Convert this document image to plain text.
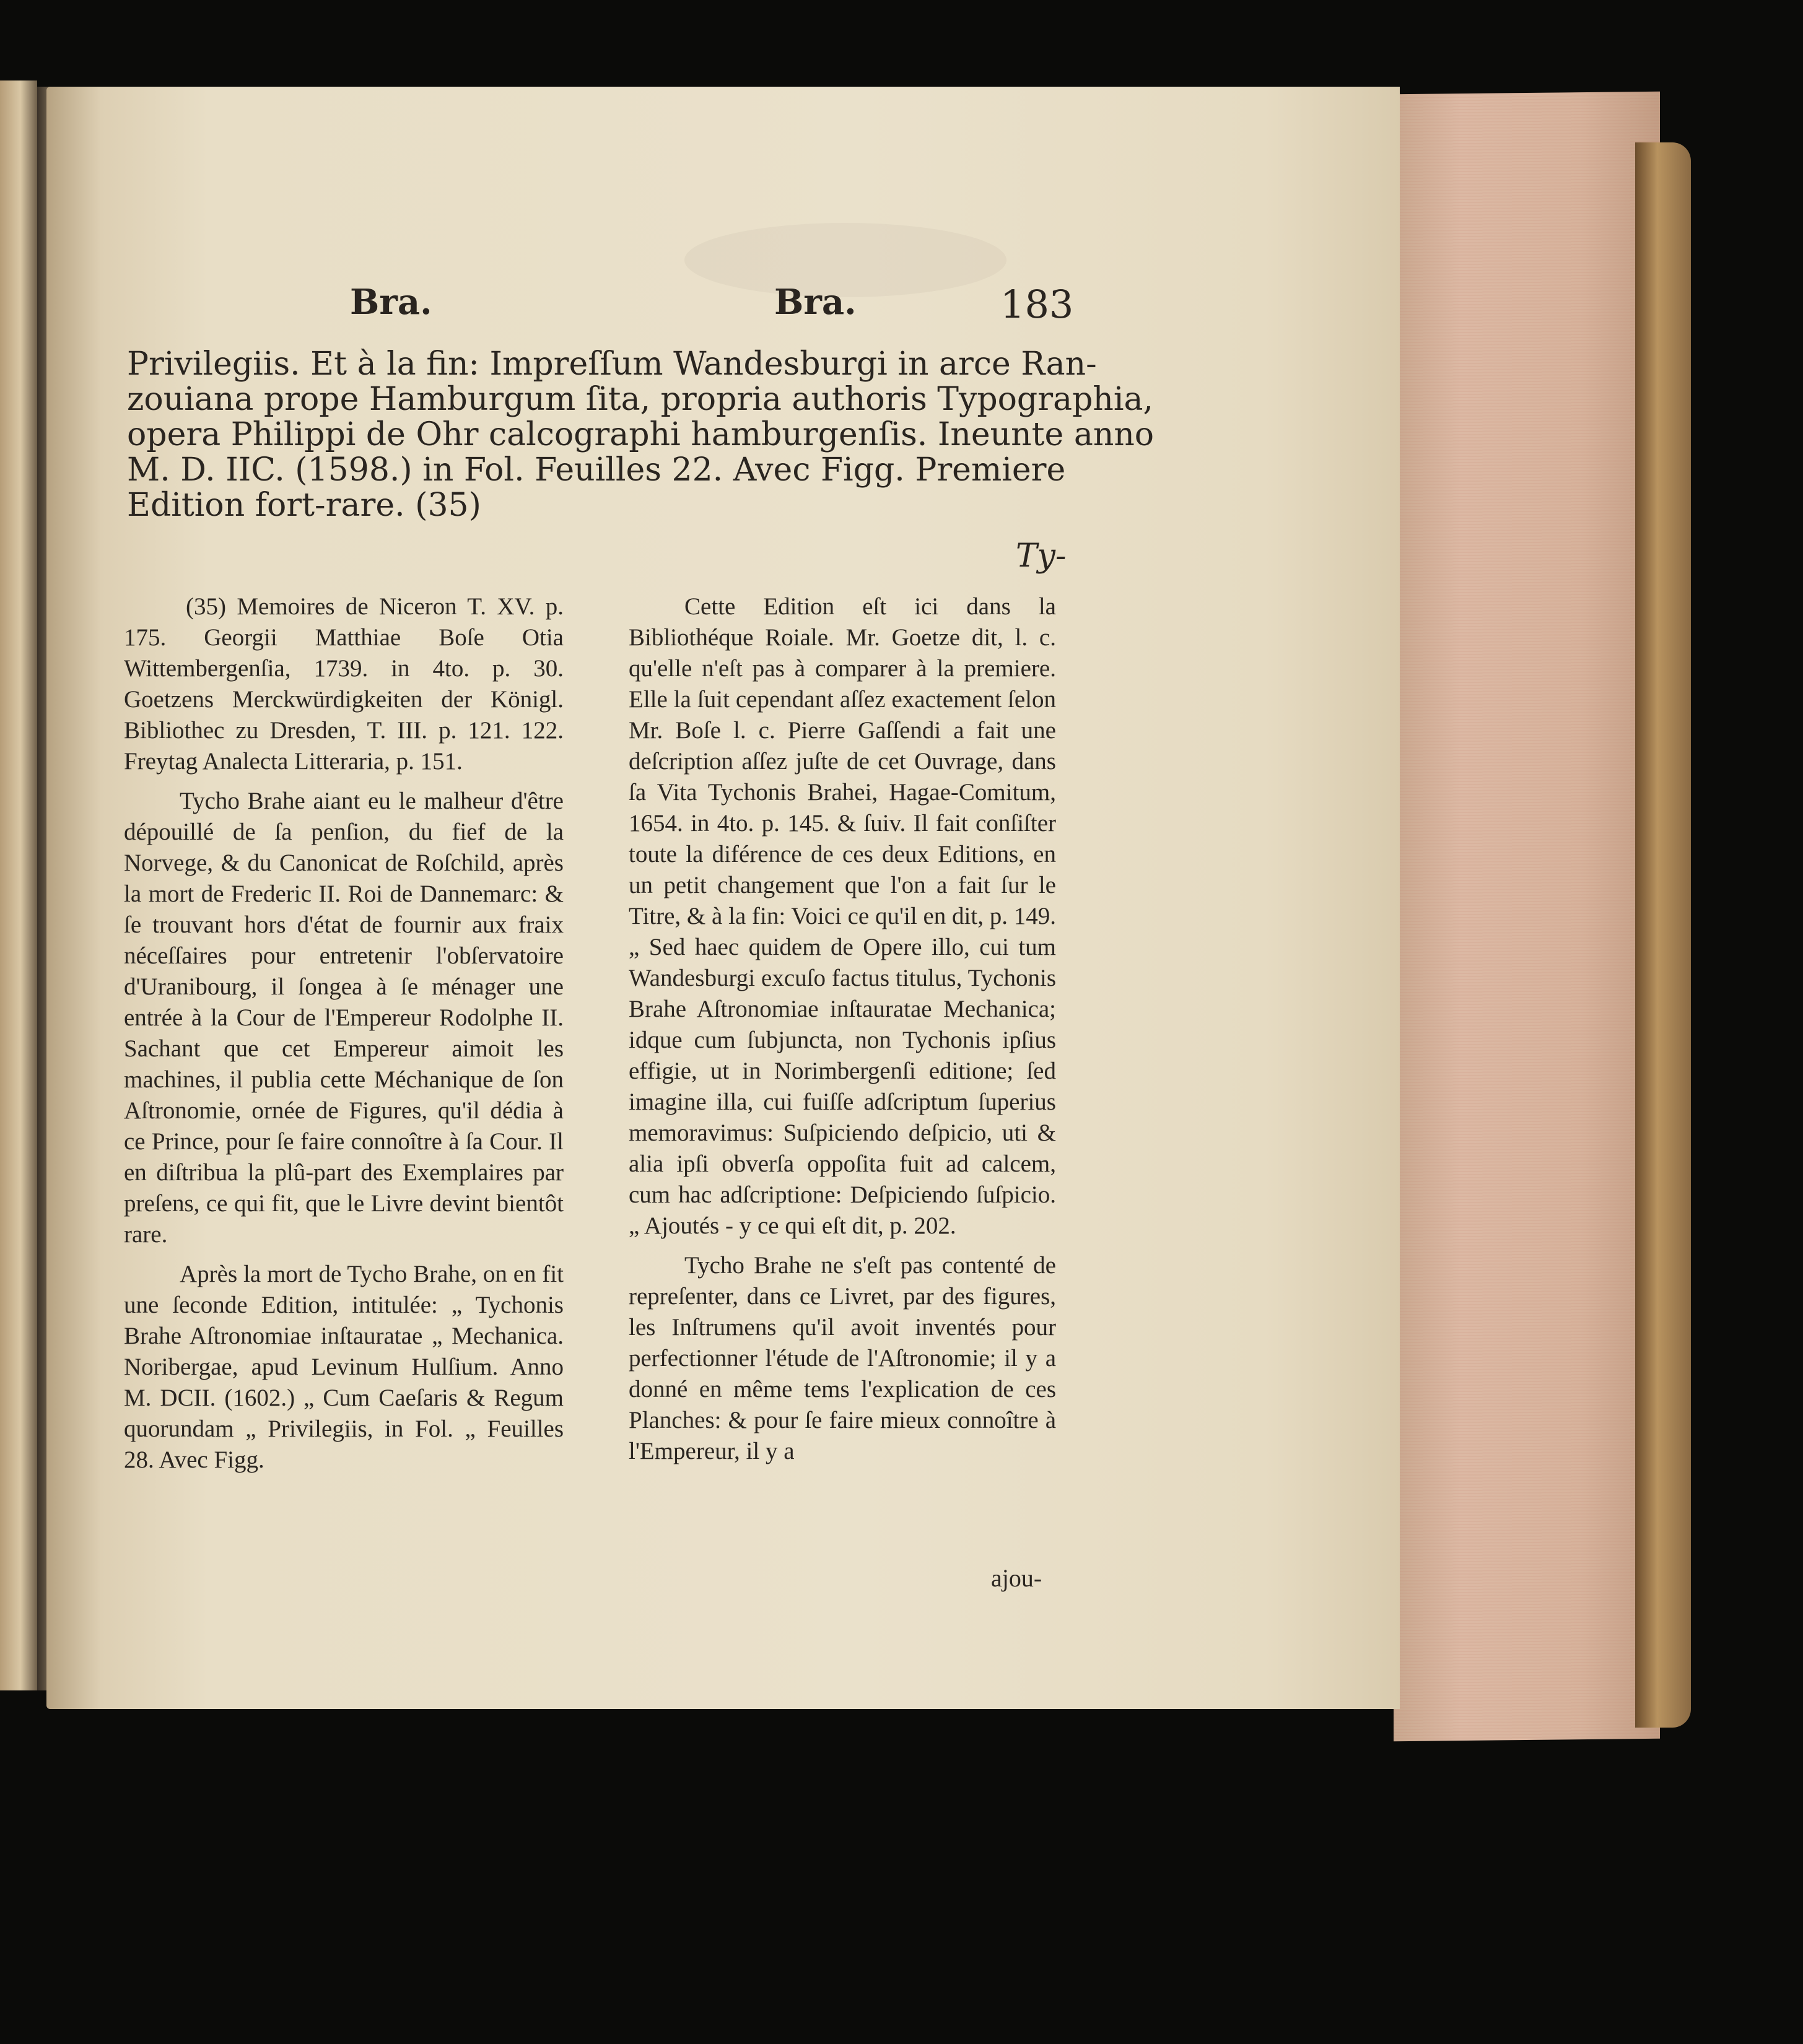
Bra.	Bra.	183
Privilegiis. Et à la fin: Impreſſum Wandesburgi in arce Ran-
zouiana prope Hamburgum ſita, propria authoris Typographia,
opera Philippi de Ohr calcographi hamburgenſis. Ineunte anno
M. D. IIC. (1598.) in Fol. Feuilles 22. Avec Figg. Premiere
Edition fort-rare. (35)
Ty-

(35) Memoires de Niceron T. XV. p. 175. Georgii Matthiae Boſe Otia Wittembergenſia, 1739. in 4to. p. 30. Goetzens Merckwürdigkeiten der Königl. Bibliothec zu Dresden, T. III. p. 121. 122. Freytag Analecta Litteraria, p. 151.

Tycho Brahe aiant eu le malheur d'être dépouillé de ſa penſion, du fief de la Norvege, & du Canonicat de Roſchild, après la mort de Frederic II. Roi de Dannemarc: & ſe trouvant hors d'état de fournir aux fraix néceſſaires pour entretenir l'obſervatoire d'Uranibourg, il ſongea à ſe ménager une entrée à la Cour de l'Empereur Rodolphe II. Sachant que cet Empereur aimoit les machines, il publia cette Méchanique de ſon Aſtronomie, ornée de Figures, qu'il dédia à ce Prince, pour ſe faire connoître à ſa Cour. Il en diſtribua la plû-part des Exemplaires par preſens, ce qui fit, que le Livre devint bientôt rare.

Après la mort de Tycho Brahe, on en fit une ſeconde Edition, intitulée: „ Tychonis Brahe Aſtronomiae inſtauratae „ Mechanica. Noribergae, apud Levinum Hulſium. Anno M. DCII. (1602.) „ Cum Caeſaris & Regum quorundam „ Privilegiis, in Fol. „ Feuilles 28. Avec Figg.

Cette Edition eſt ici dans la Bibliothéque Roiale. Mr. Goetze dit, l. c. qu'elle n'eſt pas à comparer à la premiere. Elle la ſuit cependant aſſez exactement ſelon Mr. Boſe l. c. Pierre Gaſſendi a fait une deſcription aſſez juſte de cet Ouvrage, dans ſa Vita Tychonis Brahei, Hagae-Comitum, 1654. in 4to. p. 145. & ſuiv. Il fait conſiſter toute la diférence de ces deux Editions, en un petit changement que l'on a fait ſur le Titre, & à la fin: Voici ce qu'il en dit, p. 149. „ Sed haec quidem de Opere illo, cui tum Wandesburgi excuſo factus titulus, Tychonis Brahe Aſtronomiae inſtauratae Mechanica; idque cum ſubjuncta, non Tychonis ipſius effigie, ut in Norimbergenſi editione; ſed imagine illa, cui fuiſſe adſcriptum ſuperius memoravimus: Suſpiciendo deſpicio, uti & alia ipſi obverſa oppoſita fuit ad calcem, cum hac adſcriptione: Deſpiciendo ſuſpicio. „ Ajoutés - y ce qui eſt dit, p. 202.

Tycho Brahe ne s'eſt pas contenté de repreſenter, dans ce Livret, par des figures, les Inſtrumens qu'il avoit inventés pour perfectionner l'étude de l'Aſtronomie; il y a donné en même tems l'explication de ces Planches: & pour ſe faire mieux connoître à l'Empereur, il y a

ajou-
